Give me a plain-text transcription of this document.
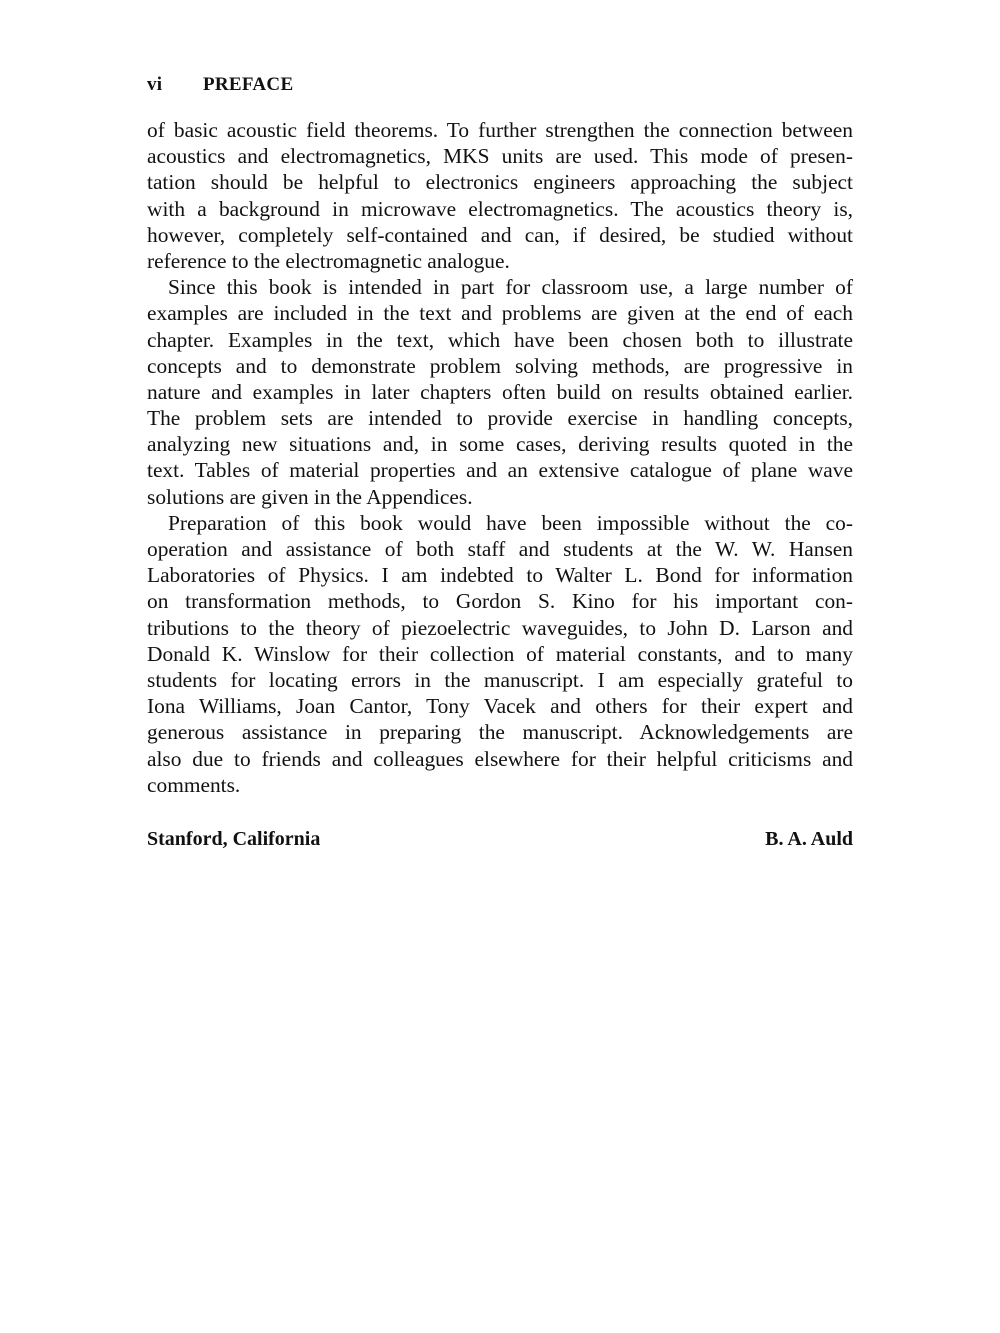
vi PREFACE
of basic acoustic field theorems. To further strengthen the connection between
acoustics and electromagnetics, MKS units are used. This mode of presen-
tation should be helpful to electronics engineers approaching the subject
with a background in microwave electromagnetics. The acoustics theory is,
however, completely self-contained and can, if desired, be studied without
reference to the electromagnetic analogue.
Since this book is intended in part for classroom use, a large number of
examples are included in the text and problems are given at the end of each
chapter. Examples in the text, which have been chosen both to illustrate
concepts and to demonstrate problem solving methods, are progressive in
nature and examples in later chapters often build on results obtained earlier.
The problem sets are intended to provide exercise in handling concepts,
analyzing new situations and, in some cases, deriving results quoted in the
text. Tables of material properties and an extensive catalogue of plane wave
solutions are given in the Appendices.
Preparation of this book would have been impossible without the co-
operation and assistance of both staff and students at the W. W. Hansen
Laboratories of Physics. I am indebted to Walter L. Bond for information
on transformation methods, to Gordon S. Kino for his important con-
tributions to the theory of piezoelectric waveguides, to John D. Larson and
Donald K. Winslow for their collection of material constants, and to many
students for locating errors in the manuscript. I am especially grateful to
Iona Williams, Joan Cantor, Tony Vacek and others for their expert and
generous assistance in preparing the manuscript. Acknowledgements are
also due to friends and colleagues elsewhere for their helpful criticisms and
comments.
Stanford, California	B. A. Auld
